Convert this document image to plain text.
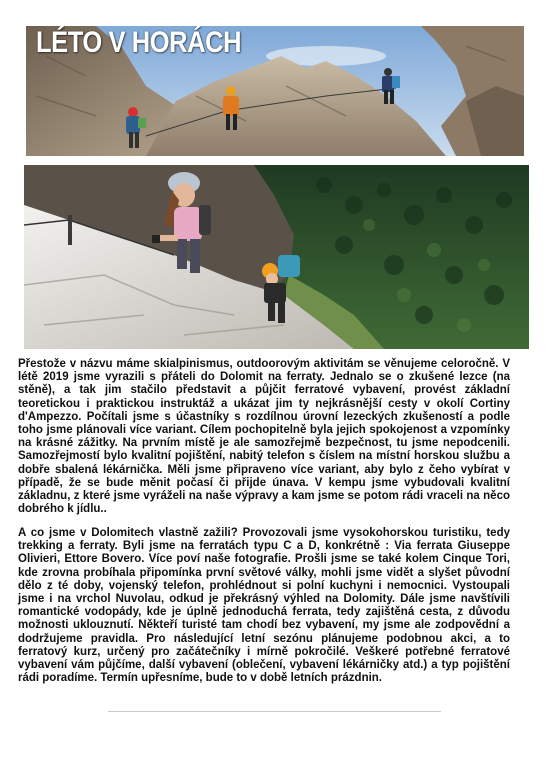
LÉTO V HORÁCH

Přestože v názvu máme skialpinismus, outdoorovým aktivitám se věnujeme celoročně. V létě 2019 jsme vyrazili s přáteli do Dolomit na ferraty. Jednalo se o zkušené lezce (na stěně), a tak jim stačilo představit a půjčit ferratové vybavení, provést základní teoretickou i praktickou instruktáž a ukázat jim ty nejkrásnější cesty v okolí Cortiny d'Ampezzo. Počítali jsme s účastníky s rozdílnou úrovní lezeckých zkušeností a podle toho jsme plánovali více variant. Cílem pochopitelně byla jejich spokojenost a vzpomínky na krásné zážitky. Na prvním místě je ale samozřejmě bezpečnost, tu jsme nepodcenili. Samozřejmostí bylo kvalitní pojištění, nabitý telefon s číslem na místní horskou službu a dobře sbalená lékárnička. Měli jsme připraveno více variant, aby bylo z čeho vybírat v případě, že se bude měnit počasí či přijde únava. V kempu jsme vybudovali kvalitní základnu, z které jsme vyráželi na naše výpravy a kam jsme se potom rádi vraceli na něco dobrého k jídlu..

A co jsme v Dolomitech vlastně zažili? Provozovali jsme vysokohorskou turistiku, tedy trekking a ferraty. Byli jsme na ferratách typu C a D, konkrétně : Via ferrata Giuseppe Olivieri, Ettore Bovero. Více poví naše fotografie. Prošli jsme se také kolem Cinque Tori, kde zrovna probíhala připomínka první světové války, mohli jsme vidět a slyšet původní dělo z té doby, vojenský telefon, prohlédnout si polní kuchyni i nemocnici. Vystoupali jsme i na vrchol Nuvolau, odkud je překrásný výhled na Dolomity. Dále jsme navštívili romantické vodopády, kde je úplně jednoduchá ferrata, tedy zajištěná cesta, z důvodu možnosti uklouznutí. Někteří turisté tam chodí bez vybavení, my jsme ale zodpovědní a dodržujeme pravidla. Pro následující letní sezónu plánujeme podobnou akci, a to ferratový kurz, určený pro začátečníky i mírně pokročilé. Veškeré potřebné ferratové vybavení vám půjčíme, další vybavení (oblečení, vybavení lékárničky atd.) a typ pojištění rádi poradíme. Termín upřesníme, bude to v době letních prázdnin.
